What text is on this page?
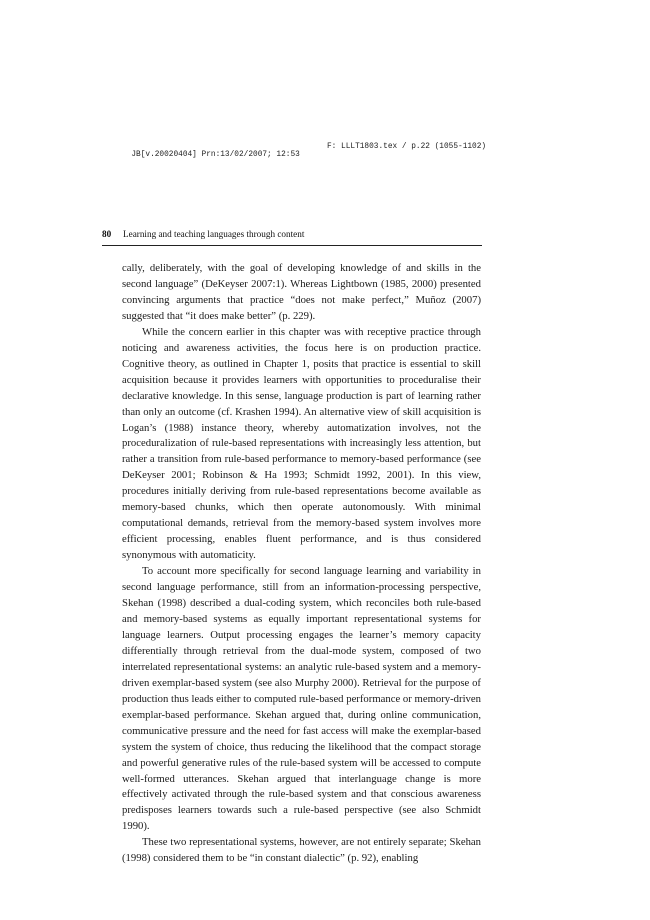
JB[v.20020404] Prn:13/02/2007; 12:53

F: LLLT1803.tex / p.22 (1055-1102)

80 Learning and teaching languages through content

cally, deliberately, with the goal of developing knowledge of and skills in the second language” (DeKeyser 2007:1). Whereas Lightbown (1985, 2000) presented convincing arguments that practice “does not make perfect,” Muñoz (2007) suggested that “it does make better” (p. 229).

While the concern earlier in this chapter was with receptive practice through noticing and awareness activities, the focus here is on production practice. Cognitive theory, as outlined in Chapter 1, posits that practice is essential to skill acquisition because it provides learners with opportunities to proceduralise their declarative knowledge. In this sense, language production is part of learning rather than only an outcome (cf. Krashen 1994). An alternative view of skill acquisition is Logan’s (1988) instance theory, whereby automatization involves, not the proceduralization of rule-based representations with increasingly less attention, but rather a transition from rule-based performance to memory-based performance (see DeKeyser 2001; Robinson & Ha 1993; Schmidt 1992, 2001). In this view, procedures initially deriving from rule-based representations become available as memory-based chunks, which then operate autonomously. With minimal computational demands, retrieval from the memory-based system involves more efficient processing, enables fluent performance, and is thus considered synonymous with automaticity.

To account more specifically for second language learning and variability in second language performance, still from an information-processing perspective, Skehan (1998) described a dual-coding system, which reconciles both rule-based and memory-based systems as equally important representational systems for language learners. Output processing engages the learner’s memory capacity differentially through retrieval from the dual-mode system, composed of two interrelated representational systems: an analytic rule-based system and a memory-driven exemplar-based system (see also Murphy 2000). Retrieval for the purpose of production thus leads either to computed rule-based performance or memory-driven exemplar-based performance. Skehan argued that, during online communication, communicative pressure and the need for fast access will make the exemplar-based system the system of choice, thus reducing the likelihood that the compact storage and powerful generative rules of the rule-based system will be accessed to compute well-formed utterances. Skehan argued that interlanguage change is more effectively activated through the rule-based system and that conscious awareness predisposes learners towards such a rule-based perspective (see also Schmidt 1990).

These two representational systems, however, are not entirely separate; Skehan (1998) considered them to be “in constant dialectic” (p. 92), enabling
